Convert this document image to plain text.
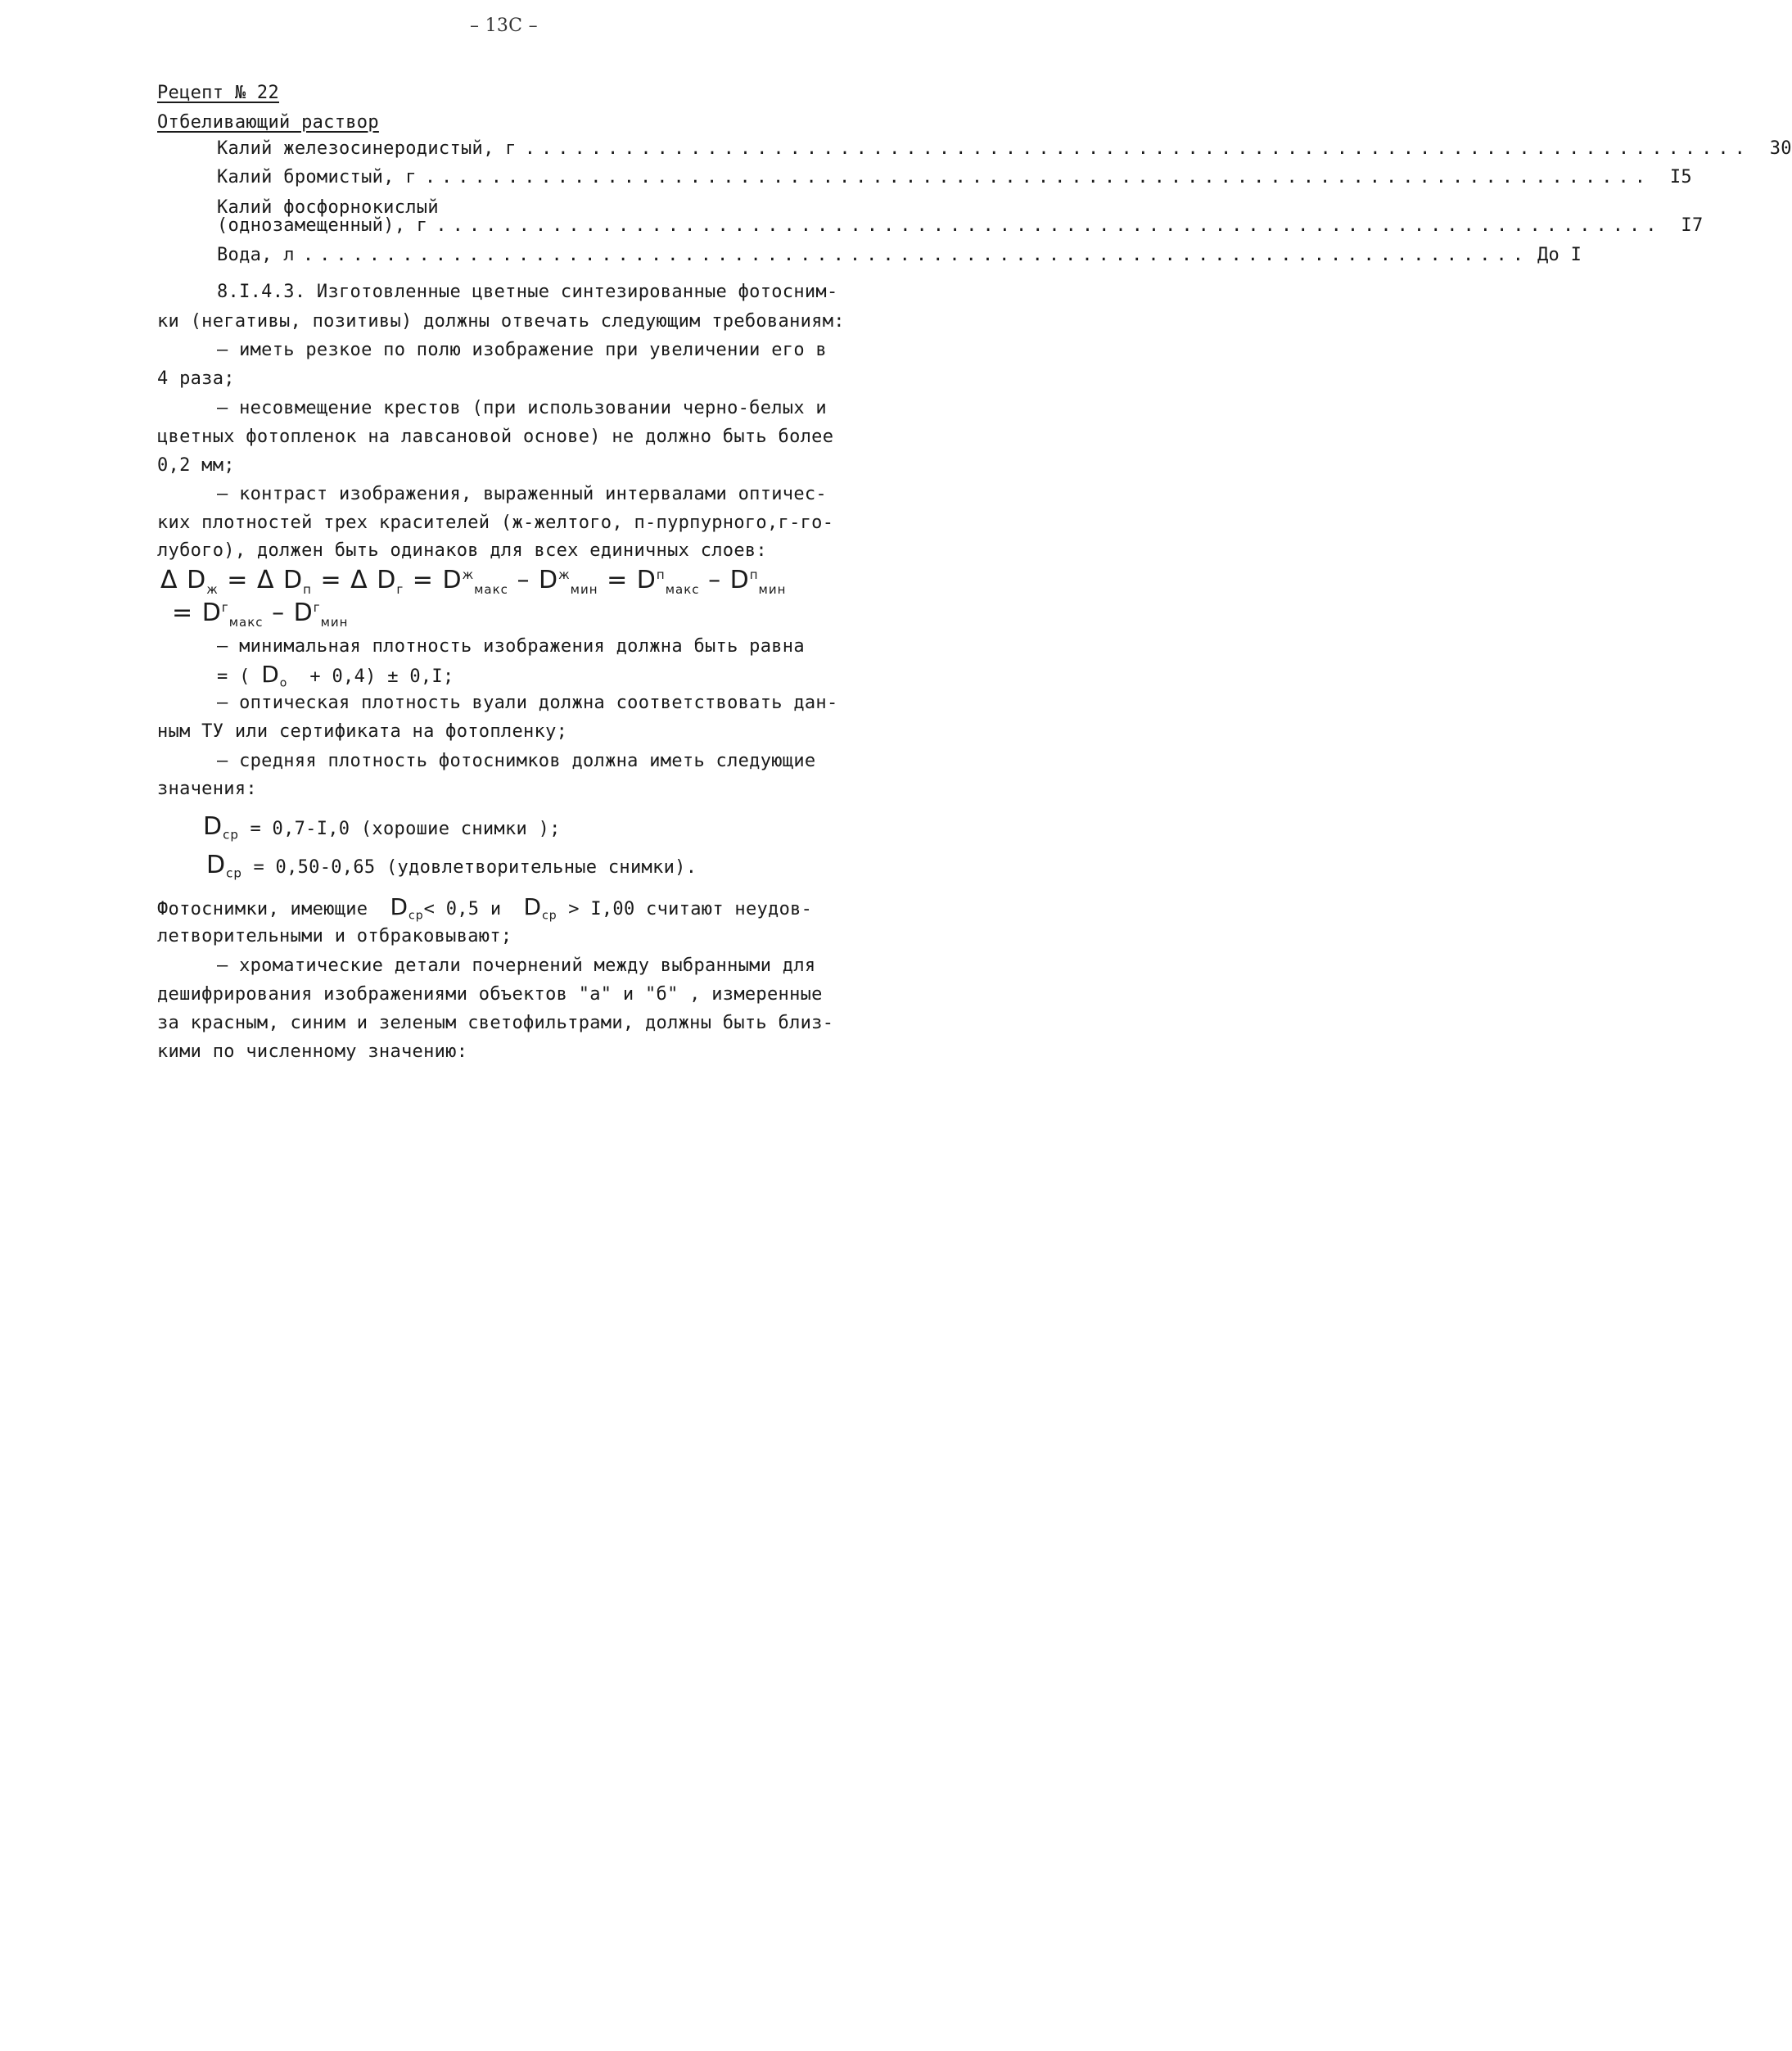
– 13C –
Рецепт № 22
Отбеливающий раствор
Калий железосинеродистый, г ..........................................................................	30
Калий бромистый, г ..........................................................................	I5
Калий фосфорнокислый
(однозамещенный), г ..........................................................................	I7
Вода, л .......................................................................... До I
8.I.4.3. Изготовленные цветные синтезированные фотосним-
ки (негативы, позитивы) должны отвечать следующим требованиям:
– иметь резкое по полю изображение при увеличении его в
4 раза;
– несовмещение крестов (при использовании черно-белых и
цветных фотопленок на лавсановой основе) не должно быть более
0,2 мм;
– контраст изображения, выраженный интервалами оптичес-
ких плотностей трех красителей (ж-желтого, п-пурпурного,г-го-
лубого), должен быть одинаков для всех единичных слоев:
Δ $D_ж = \Delta$ $D_п = \Delta$ $D_г = D^ж_{макс} - D^ж_{мин} = D^п_{макс} - D^п_{мин}$
= $D^г_{макс} - D^г_{мин}$
– минимальная плотность изображения должна быть равна
= ( $D_о + 0,4) \pm 0,I$;
– оптическая плотность вуали должна соответствовать дан-
ным ТУ или сертификата на фотопленку;
– средняя плотность фотоснимков должна иметь следующие
значения:
$D_{ср} = 0,7-I,0$ (хорошие снимки );
$D_{ср} = 0,50-0,65$ (удовлетворительные снимки).
Фотоснимки, имеющие $D_{ср}< 0,5$ и $D_{ср} > I,00$ считают неудов-
летворительными и отбраковывают;
– хроматические детали почернений между выбранными для
дешифрирования изображениями объектов "а" и "б" , измеренные
за красным, синим и зеленым светофильтрами, должны быть близ-
кими по численному значению:
